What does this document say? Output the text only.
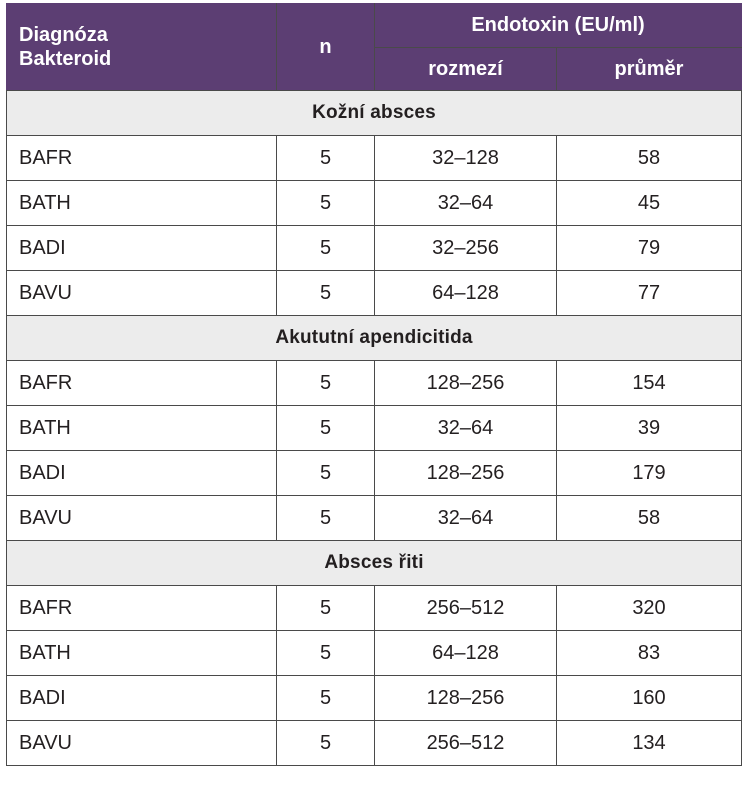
Diagnóza
Bakteroid	n	Endotoxin (EU/ml)	
		rozmezí	průměr
Kožní absces			
BAFR	5	32–128	58
BATH	5	32–64	45
BADI	5	32–256	79
BAVU	5	64–128	77
Akututní apendicitida			
BAFR	5	128–256	154
BATH	5	32–64	39
BADI	5	128–256	179
BAVU	5	32–64	58
Absces řiti			
BAFR	5	256–512	320
BATH	5	64–128	83
BADI	5	128–256	160
BAVU	5	256–512	134
